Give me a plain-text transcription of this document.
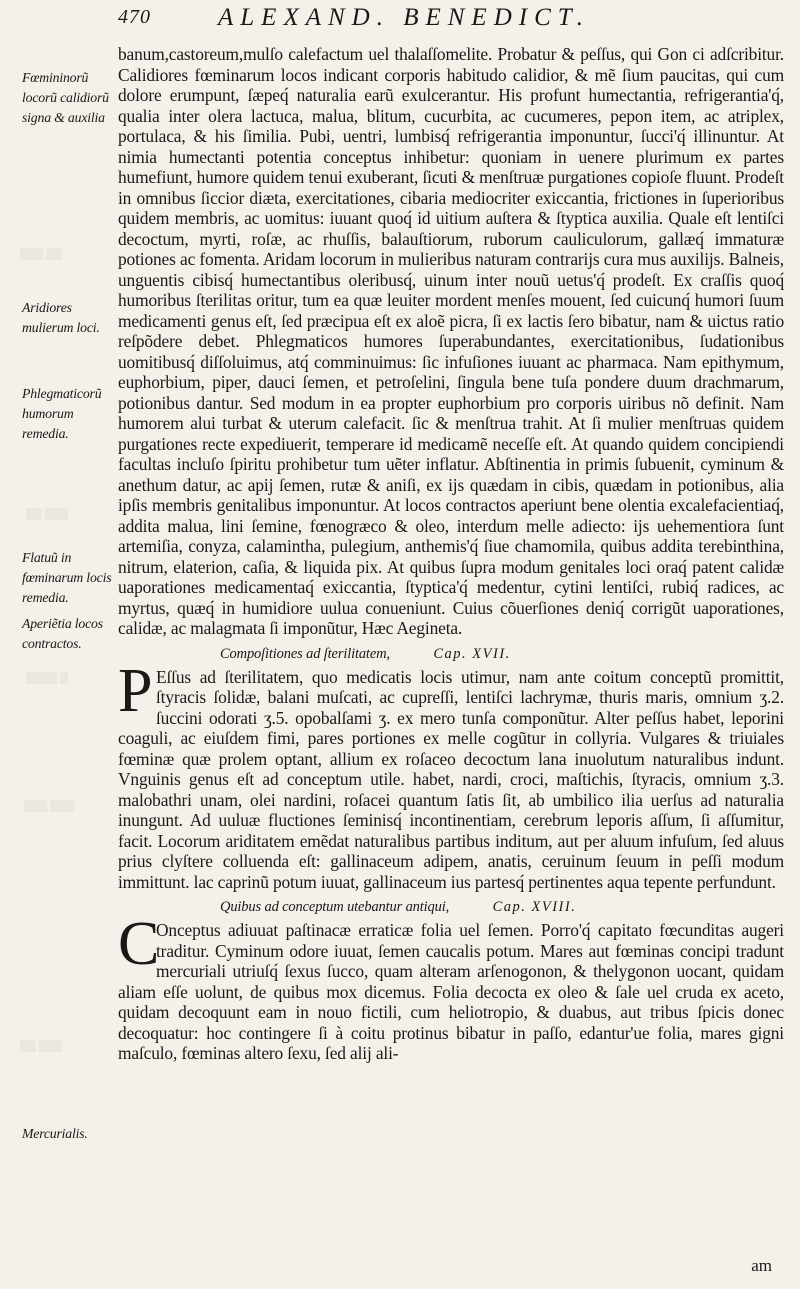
470	ALEXAND. BENEDICT.
Fœmininorũ locorũ calidiorũ signa & auxilia
Aridiores mulierum loci.
Phlegmaticorũ humorum remedia.
Flatuũ in fœminarum locis remedia.
Aperiẽtia locos contractos.
Mercurialis.
▒▒▒ ▒▒
▒▒ ▒▒▒
▒▒▒▒ ▒
▒▒▒ ▒▒▒
▒▒ ▒▒▒

banum,castoreum,mulſo calefactum uel thalaſſomelite. Probatur & peſſus, qui Gon ci adſcribitur. Calidiores fœminarum locos indicant corporis habitudo calidior, & mẽ ſium paucitas, qui cum dolore erumpunt, ſæpeq́ naturalia earũ exulcerantur. His profunt humectantia, refrigerantia'q́, qualia inter olera lactuca, malua, blitum, cucurbita, ac cucumeres, pepon item, ac atriplex, portulaca, & his ſimilia. Pubi, uentri, lumbisq́ refrigerantia imponuntur, ſucci'q́ illinuntur. At nimia humectanti potentia conceptus inhibetur: quoniam in uenere plurimum ex partes humefiunt, humore quidem tenui exuberant, ſicuti & menſtruæ purgationes copioſe fluunt. Prodeſt in omnibus ſiccior diæta, exercitationes, cibaria mediocriter exiccantia, frictiones in ſuperioribus quidem membris, ac uomitus: iuuant quoq́ id uitium auſtera & ſtyptica auxilia. Quale eſt lentiſci decoctum, myrti, roſæ, ac rhuſſis, balauſtiorum, ruborum cauliculorum, gallæq́ immaturæ potiones ac fomenta. Aridam locorum in mulieribus naturam contrarijs cura mus auxilijs. Balneis, unguentis cibisq́ humectantibus oleribusq́, uinum inter nouũ uetus'q́ prodeſt. Ex craſſis quoq́ humoribus ſterilitas oritur, tum ea quæ leuiter mordent menſes mouent, ſed cuicunq́ humori ſuum medicamenti genus eſt, ſed præcipua eſt ex aloẽ picra, ſi ex lactis ſero bibatur, nam & uictus ratio reſpõdere debet. Phlegmaticos humores ſuperabundantes, exercitationibus, ſudationibus uomitibusq́ diſſoluimus, atq́ comminuimus: ſic infuſiones iuuant ac pharmaca. Nam epithymum, euphorbium, piper, dauci ſemen, et petroſelini, ſingula bene tuſa pondere duum drachmarum, potionibus dantur. Sed modum in ea propter euphorbium pro corporis uiribus nõ definit. Nam humorem alui turbat & uterum calefacit. ſic & menſtrua trahit. At ſi mulier menſtruas quidem purgationes recte expediuerit, temperare id medicamẽ neceſſe eſt. At quando quidem concipiendi facultas incluſo ſpiritu prohibetur tum uẽter inflatur. Abſtinentia in primis ſubuenit, cyminum & anethum datur, ac apij ſemen, rutæ & aniſi, ex ijs quædam in cibis, quædam in potionibus, alia ipſis membris genitalibus imponuntur. At locos contractos aperiunt bene olentia excalefacientiaq́, addita malua, lini ſemine, fœnogræco & oleo, interdum melle adiecto: ijs uehementiora ſunt artemiſia, conyza, calamintha, pulegium, anthemis'q́ ſiue chamomila, quibus addita terebinthina, nitrum, elaterion, caſia, & liquida pix. At quibus ſupra modum genitales loci oraq́ patent calidæ uaporationes medicamentaq́ exiccantia, ſtyptica'q́ medentur, cytini lentiſci, rubiq́ radices, ac myrtus, quæq́ in humidiore uulua conueniunt. Cuius cõuerſiones deniq́ corrigũt uaporationes, calidæ, ac malagmata ſi imponũtur, Hæc Aegineta.

Compoſitiones ad ſterilitatem,	Cap. XVII.

P Eſſus ad ſterilitatem, quo medicatis locis utimur, nam ante coitum conceptũ promittit, ſtyracis ſolidæ, balani muſcati, ac cupreſſi, lentiſci lachrymæ, thuris maris, omnium ʒ.2. ſuccini odorati ʒ.5. opobalſami ʒ. ex mero tunſa componũtur. Alter peſſus habet, leporini coaguli, ac eiuſdem fimi, pares portiones ex melle cogũtur in collyria. Vulgares & triuiales fœminæ quæ prolem optant, allium ex roſaceo decoctum lana inuolutum naturalibus indunt. Vnguinis genus eſt ad conceptum utile. habet, nardi, croci, maſtichis, ſtyracis, omnium ʒ.3. malobathri unam, olei nardini, roſacei quantum ſatis ſit, ab umbilico ilia uerſus ad naturalia inungunt. Ad uuluæ fluctiones ſeminisq́ incontinentiam, cerebrum leporis aſſum, ſi aſſumitur, facit. Locorum ariditatem emẽdat naturalibus partibus inditum, aut per aluum infuſum, ſed aluus prius clyſtere colluenda eſt: gallinaceum adipem, anatis, ceruinum ſeuum in peſſi modum immittunt. lac caprinũ potum iuuat, gallinaceum ius partesq́ pertinentes aqua tepente perfundunt.

Quibus ad conceptum utebantur antiqui,	Cap. XVIII.

C
Onceptus adiuuat paſtinacæ erraticæ folia uel ſemen. Porro'q́ capitato fœcunditas augeri traditur. Cyminum odore iuuat, ſemen caucalis potum. Mares aut fœminas concipi tradunt mercuriali utriuſq́ ſexus ſucco, quam alteram arſenogonon, & thelygonon uocant, quidam aliam eſſe uolunt, de quibus mox dicemus. Folia decocta ex oleo & ſale uel cruda ex aceto, quidam decoquunt eam in nouo fictili, cum heliotropio, & duabus, aut tribus ſpicis donec decoquatur: hoc contingere ſi à coitu protinus bibatur in paſſo, edantur'ue folia, mares gigni maſculo, fœminas altero ſexu, ſed alij ali-

am
